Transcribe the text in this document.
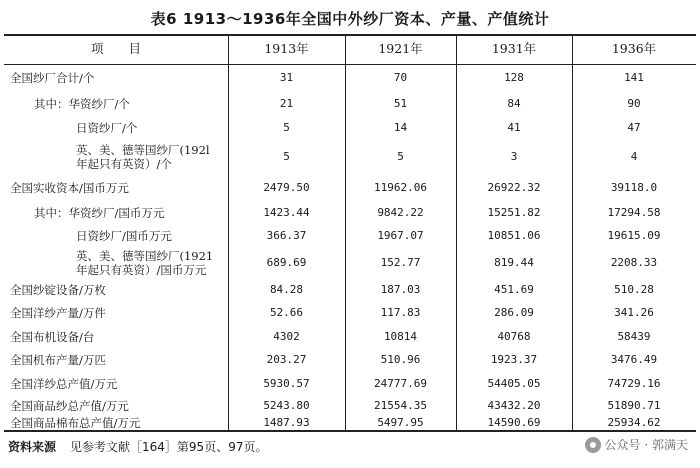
表6 1913～1936年全国中外纱厂资本、产量、产值统计
项　　目	1913年	1921年	1931年	1936年
全国纱厂合计/个	31	70	128	141
其中：华资纱厂/个	21	51	84	90
日资纱厂/个	5	14	41	47
英、美、德等国纱厂(192l
年起只有英资）/个
5	5	3	4
全国实收资本/国币万元	2479.50	11962.06	26922.32	39118.0
其中：华资纱厂/国币万元	1423.44	9842.22	15251.82	17294.58
日资纱厂/国币万元	366.37	1967.07	10851.06	19615.09
英、美、德等国纱厂(1921
年起只有英资）/国币万元
689.69	152.77	819.44	2208.33
全国纱锭设备/万枚	84.28	187.03	451.69	510.28
全国洋纱产量/万件	52.66	117.83	286.09	341.26
全国布机设备/台	4302	10814	40768	58439
全国机布产量/万匹	203.27	510.96	1923.37	3476.49
全国洋纱总产值/万元	5930.57	24777.69	54405.05	74729.16
全国商品纱总产值/万元	5243.80	21554.35	43432.20	51890.71
全国商品棉布总产值/万元	1487.93	5497.95	14590.69	25934.62
资料来源 见参考文献［164］第95页、97页。	公众号 · 郭满天
